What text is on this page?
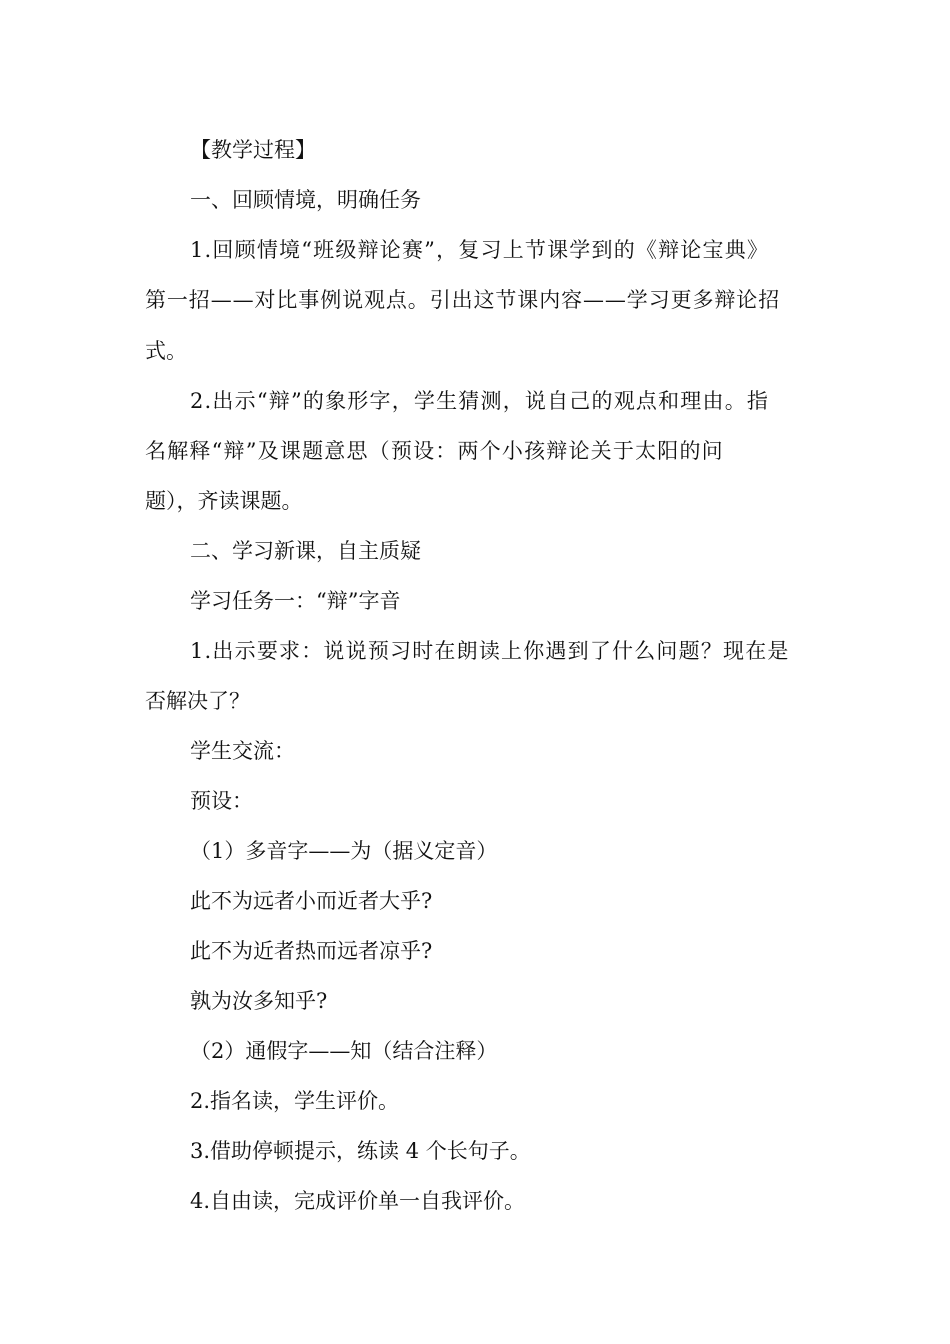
【教学过程】
一、回顾情境，明确任务
1.回顾情境“班级辩论赛”，复习上节课学到的《辩论宝典》
第一招——对比事例说观点。引出这节课内容——学习更多辩论招
式。
2.出示“辩”的象形字，学生猜测，说自己的观点和理由。指
名解释“辩”及课题意思（预设：两个小孩辩论关于太阳的问
题），齐读课题。
二、学习新课，自主质疑
学习任务一：“辩”字音
1.出示要求：说说预习时在朗读上你遇到了什么问题？现在是
否解决了？
学生交流：
预设：
（1）多音字——为（据义定音）
此不为远者小而近者大乎?
此不为近者热而远者凉乎?
孰为汝多知乎?
（2）通假字——知（结合注释）
2.指名读，学生评价。
3.借助停顿提示，练读 4 个长句子。
4.自由读，完成评价单一自我评价。
